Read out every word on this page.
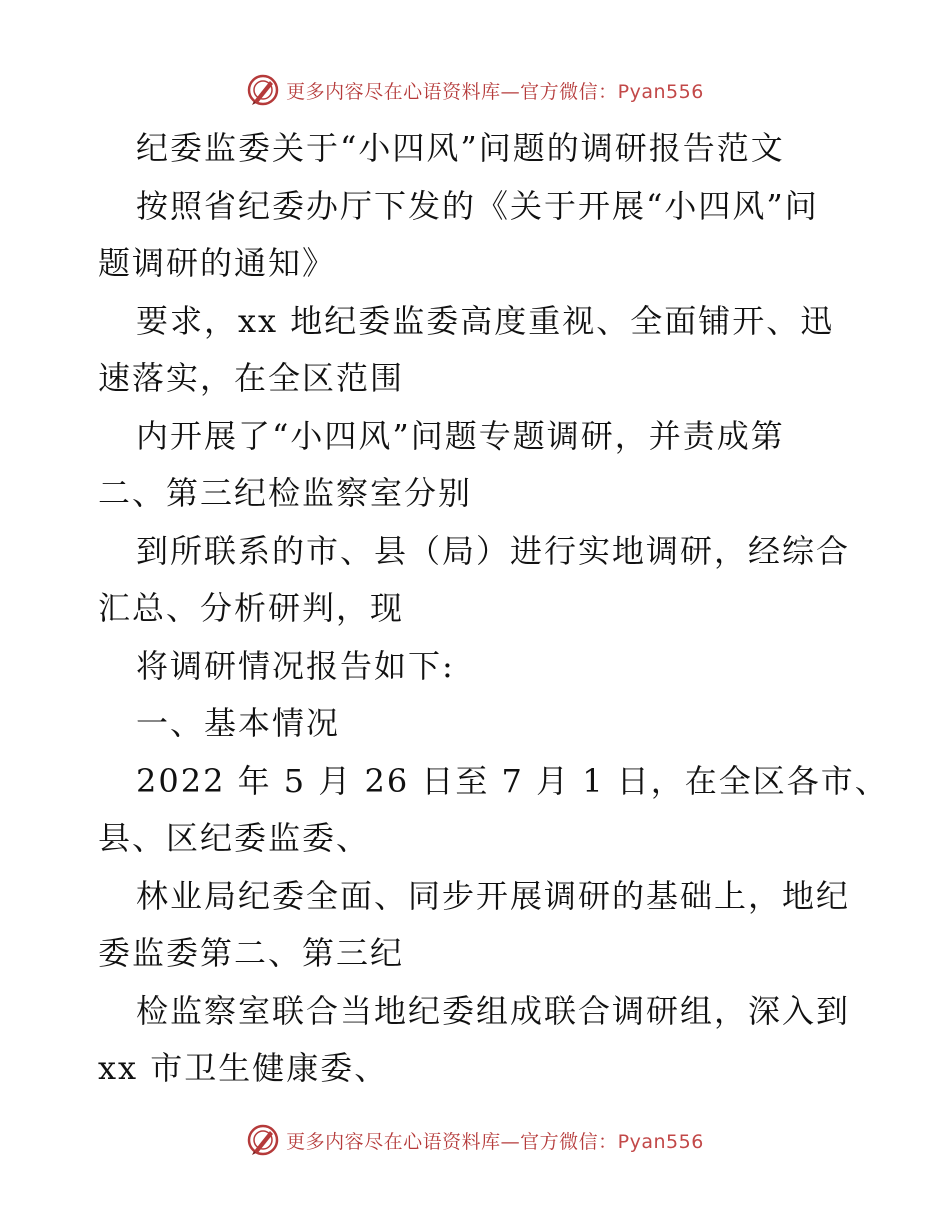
更多内容尽在心语资料库—官方微信：Pyan556
纪委监委关于“小四风”问题的调研报告范文
按照省纪委办厅下发的《关于开展“小四风”问
题调研的通知》
要求，xx 地纪委监委高度重视、全面铺开、迅
速落实，在全区范围
内开展了“小四风”问题专题调研，并责成第
二、第三纪检监察室分别
到所联系的市、县（局）进行实地调研，经综合
汇总、分析研判，现
将调研情况报告如下:
一、基本情况
2022 年 5 月 26 日至 7 月 1 日，在全区各市、
县、区纪委监委、
林业局纪委全面、同步开展调研的基础上，地纪
委监委第二、第三纪
检监察室联合当地纪委组成联合调研组，深入到
xx 市卫生健康委、
更多内容尽在心语资料库—官方微信：Pyan556
